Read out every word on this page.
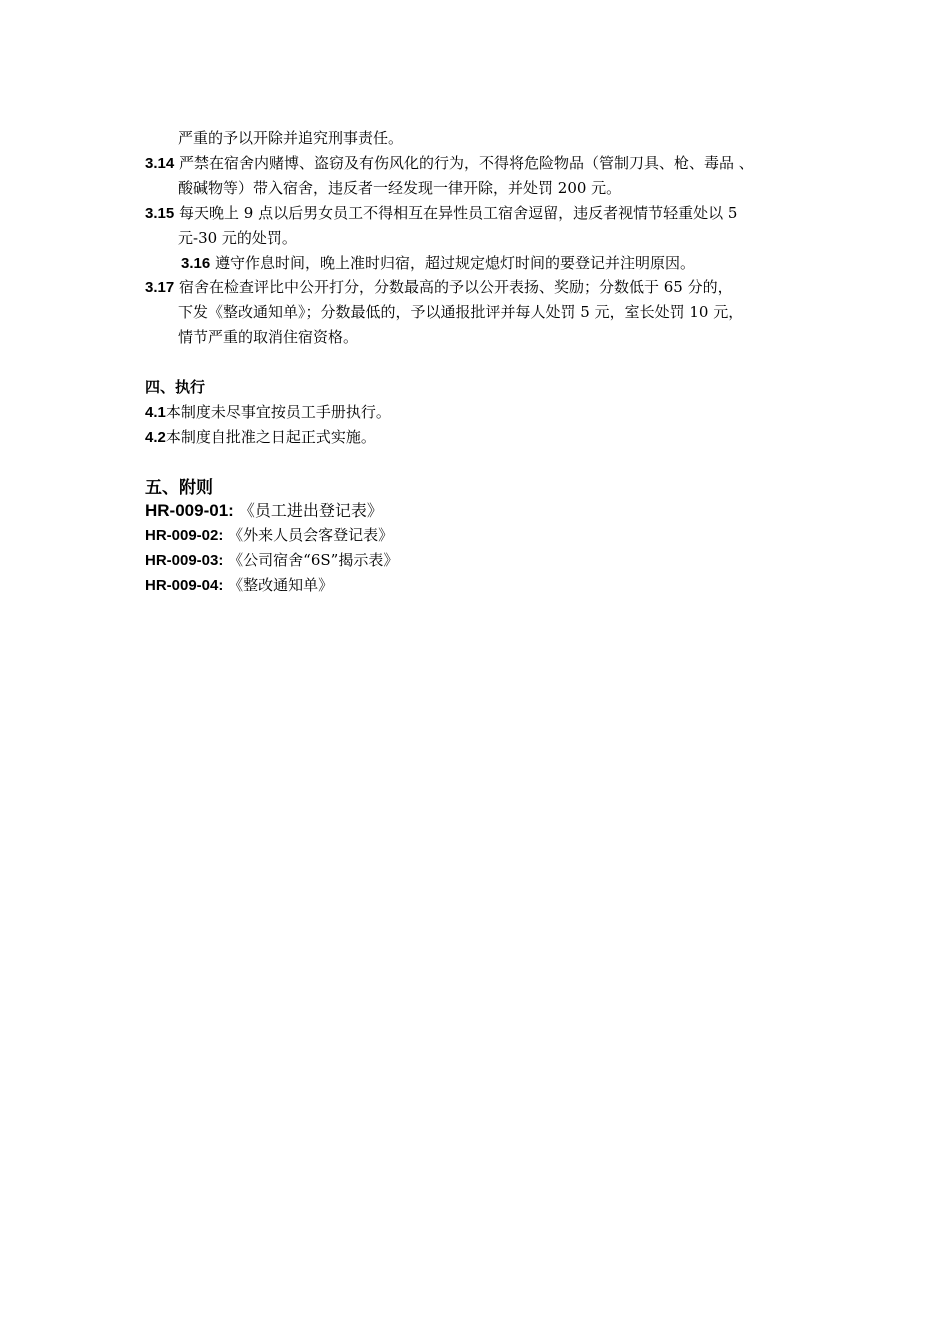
严重的予以开除并追究刑事责任。
3.14 严禁在宿舍内赌博、盗窃及有伤风化的行为，不得将危险物品（管制刀具、枪、毒品 、
酸碱物等）带入宿舍，违反者一经发现一律开除，并处罚 200 元。
3.15 每天晚上 9 点以后男女员工不得相互在异性员工宿舍逗留，违反者视情节轻重处以 5
元-30 元的处罚。
3.16 遵守作息时间，晚上准时归宿，超过规定熄灯时间的要登记并注明原因。
3.17 宿舍在检查评比中公开打分，分数最高的予以公开表扬、奖励；分数低于 65 分的，
下发《整改通知单》；分数最低的，予以通报批评并每人处罚 5 元，室长处罚 10 元，
情节严重的取消住宿资格。
四、执行
4.1本制度未尽事宜按员工手册执行。
4.2本制度自批准之日起正式实施。
五、附则
HR-009-01: 《员工进出登记表》
HR-009-02: 《外来人员会客登记表》
HR-009-03: 《公司宿舍“6S”揭示表》
HR-009-04: 《整改通知单》
